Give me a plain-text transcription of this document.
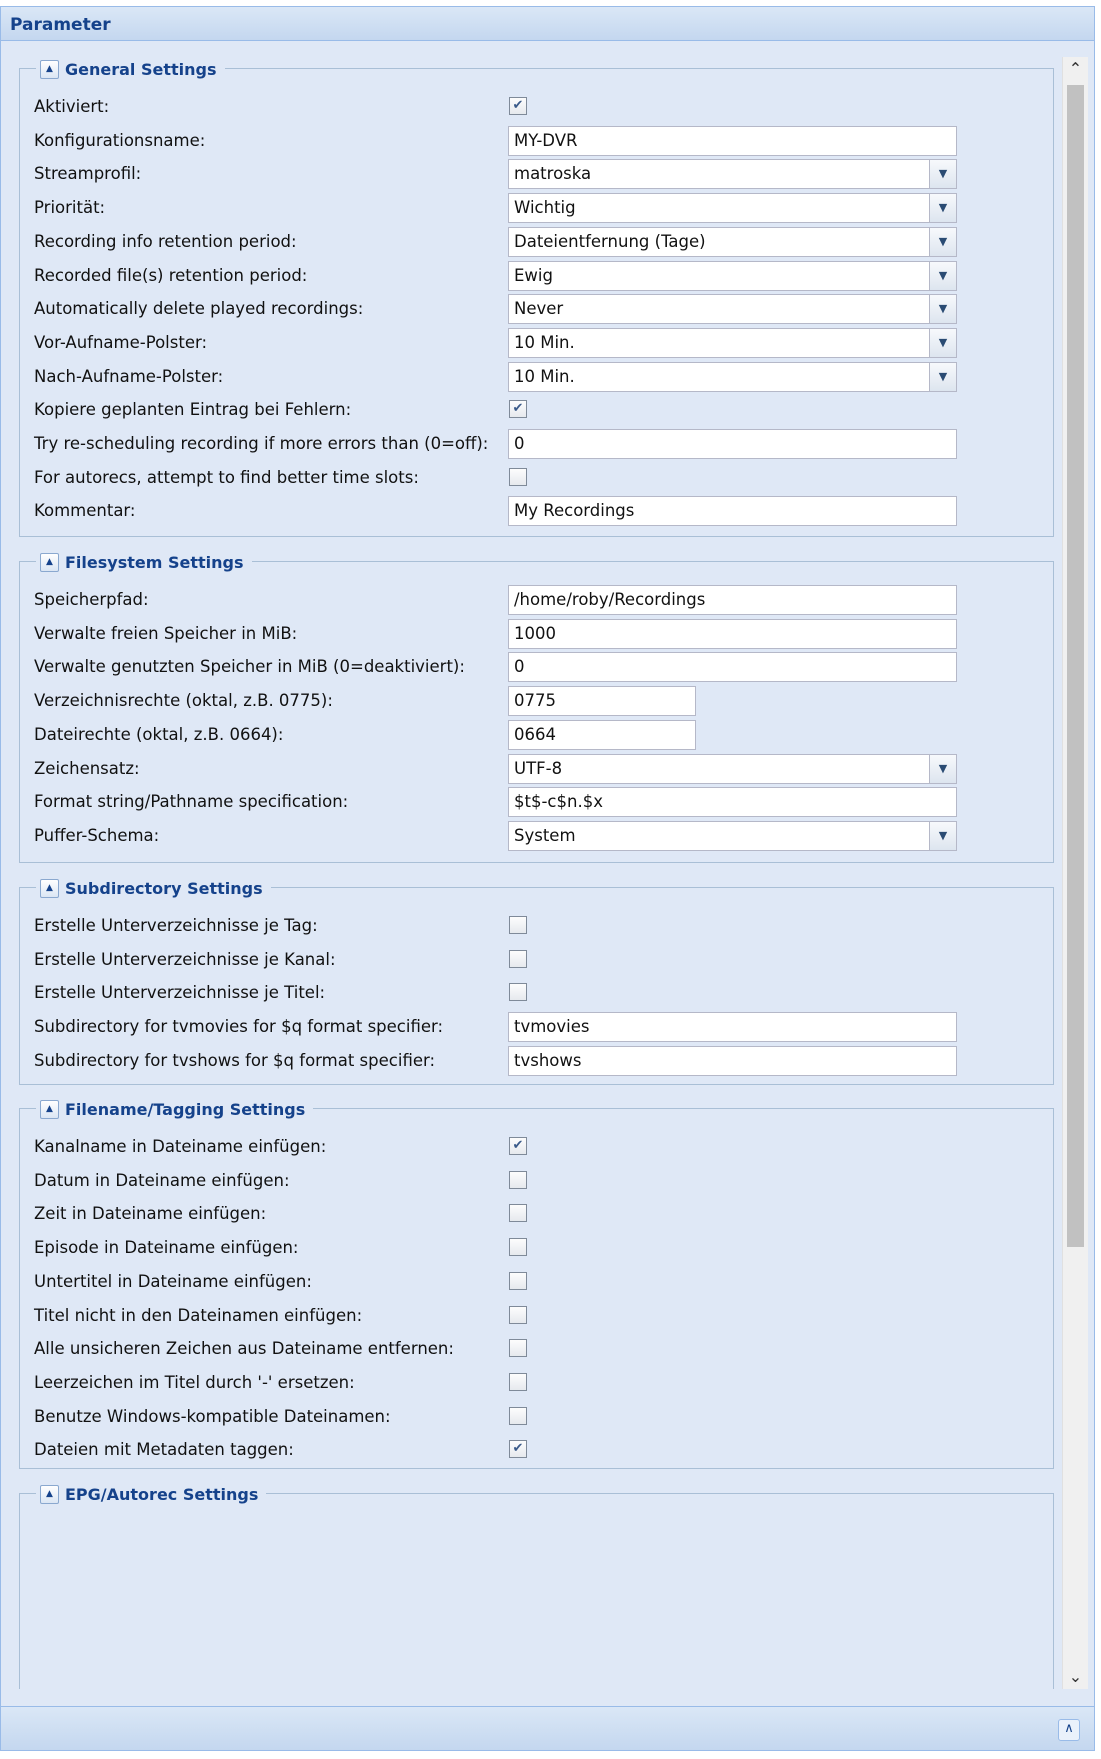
Parameter
▲ General Settings
Aktiviert:	✔
Konfigurationsname:	MY-DVR
Streamprofil:	matroska	▼
Priorität:	Wichtig	▼
Recording info retention period:	Dateientfernung (Tage)	▼
Recorded file(s) retention period:	Ewig	▼
Automatically delete played recordings:	Never	▼
Vor-Aufname-Polster:	10 Min.	▼
Nach-Aufname-Polster:	10 Min.	▼
Kopiere geplanten Eintrag bei Fehlern:	✔
Try re-scheduling recording if more errors than (0=off):	0
For autorecs, attempt to find better time slots:
Kommentar:	My Recordings
▲ Filesystem Settings
Speicherpfad:	/home/roby/Recordings
Verwalte freien Speicher in MiB:	1000
Verwalte genutzten Speicher in MiB (0=deaktiviert):	0
Verzeichnisrechte (oktal, z.B. 0775):	0775
Dateirechte (oktal, z.B. 0664):	0664
Zeichensatz:	UTF-8	▼
Format string/Pathname specification:	$t$-c$n.$x
Puffer-Schema:	System	▼
▲ Subdirectory Settings
Erstelle Unterverzeichnisse je Tag:
Erstelle Unterverzeichnisse je Kanal:
Erstelle Unterverzeichnisse je Titel:
Subdirectory for tvmovies for $q format specifier:	tvmovies
Subdirectory for tvshows for $q format specifier:	tvshows
▲ Filename/Tagging Settings
Kanalname in Dateiname einfügen:	✔
Datum in Dateiname einfügen:
Zeit in Dateiname einfügen:
Episode in Dateiname einfügen:
Untertitel in Dateiname einfügen:
Titel nicht in den Dateinamen einfügen:
Alle unsicheren Zeichen aus Dateiname entfernen:
Leerzeichen im Titel durch '-' ersetzen:
Benutze Windows-kompatible Dateinamen:
Dateien mit Metadaten taggen:	✔
▲ EPG/Autorec Settings
⌃
⌄
∧
